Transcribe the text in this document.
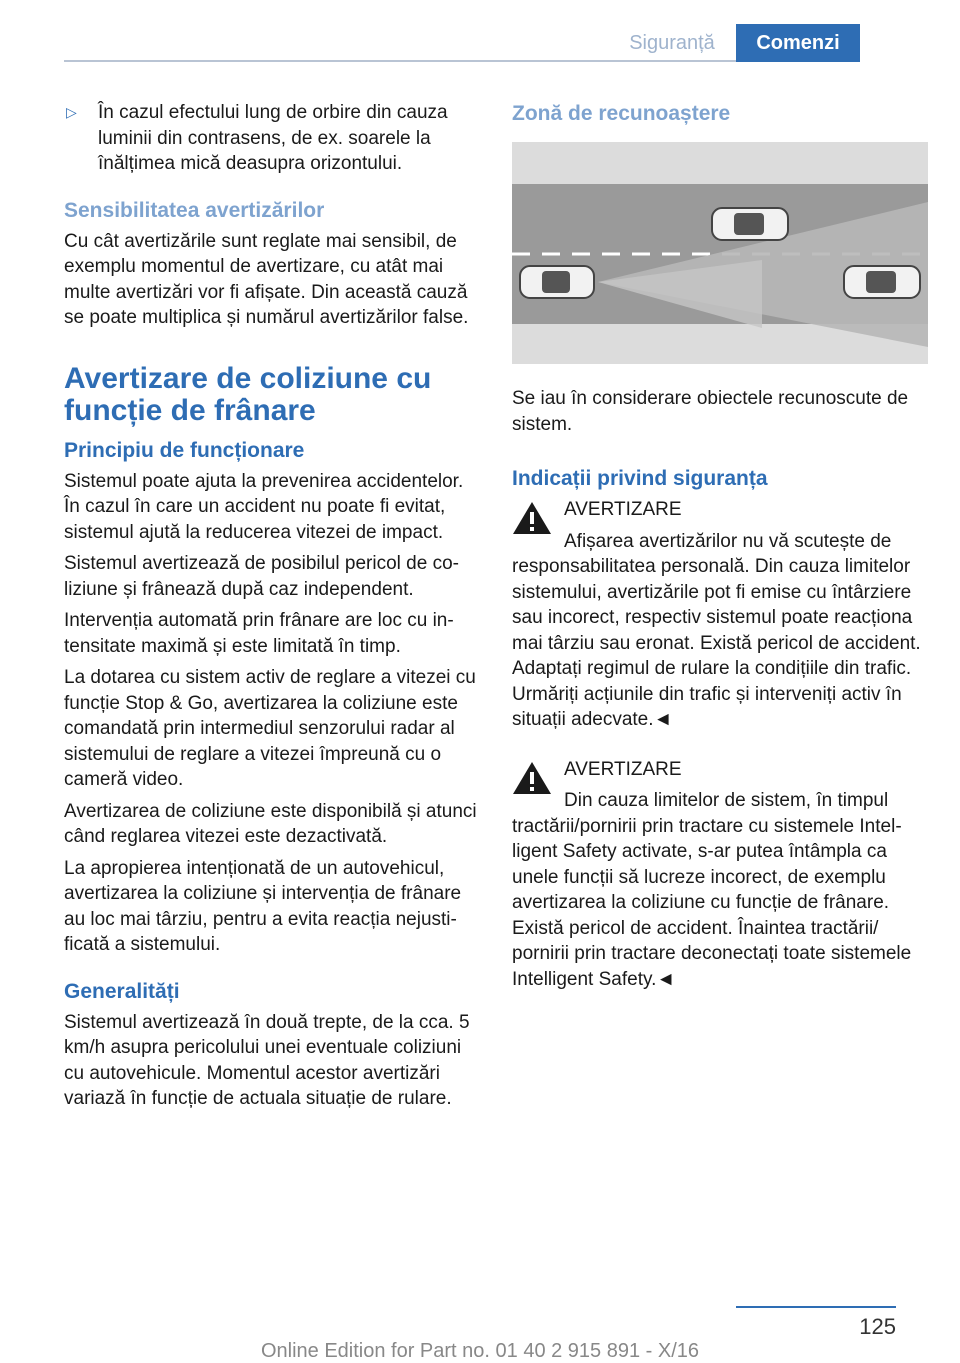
Siguranță	Comenzi

▷ În cazul efectului lung de orbire din cauza luminii din contrasens, de ex. soarele la înălțimea mică deasupra orizontului.

Sensibilitatea avertizărilor

Cu cât avertizările sunt reglate mai sensibil, de exemplu momentul de avertizare, cu atât mai multe avertizări vor fi afișate. Din această cauză se poate multiplica și numărul avertizărilor false.

Avertizare de coliziune cu funcție de frânare
Principiu de funcționare

Sistemul poate ajuta la prevenirea accidentelor. În cazul în care un accident nu poate fi evitat, sistemul ajută la reducerea vitezei de impact.

Sistemul avertizează de posibilul pericol de coliziune și frânează după caz independent.

Intervenția automată prin frânare are loc cu intensitate maximă și este limitată în timp.

La dotarea cu sistem activ de reglare a vitezei cu funcție Stop & Go, avertizarea la coliziune este comandată prin intermediul senzorului radar al sistemului de reglare a vitezei împreună cu o cameră video.

Avertizarea de coliziune este disponibilă și atunci când reglarea vitezei este dezactivată.

La apropierea intenționată de un autovehicul, avertizarea la coliziune și intervenția de frânare au loc mai târziu, pentru a evita reacția nejustificată a sistemului.

Generalități

Sistemul avertizează în două trepte, de la cca. 5 km/h asupra pericolului unei eventuale coliziuni cu autovehicule. Momentul acestor avertizări variază în funcție de actuala situație de rulare.

Zonă de recunoaștere

Se iau în considerare obiectele recunoscute de sistem.

Indicații privind siguranța

AVERTIZARE

Afișarea avertizărilor nu vă scutește de responsabilitatea personală. Din cauza limitelor sistemului, avertizările pot fi emise cu întârziere sau incorect, respectiv sistemul poate reacționa mai târziu sau eronat. Există pericol de accident. Adaptați regimul de rulare la condițiile din trafic. Urmăriți acțiunile din trafic și interveniți activ în situații adecvate.◄

AVERTIZARE

Din cauza limitelor de sistem, în timpul tractării/pornirii prin tractare cu sistemele Intelligent Safety activate, s-ar putea întâmpla ca unele funcții să lucreze incorect, de exemplu avertizarea la coliziune cu funcție de frânare. Există pericol de accident. Înaintea tractării/ pornirii prin tractare deconectați toate sistemele Intelligent Safety.◄

125
Online Edition for Part no. 01 40 2 915 891 - X/16
